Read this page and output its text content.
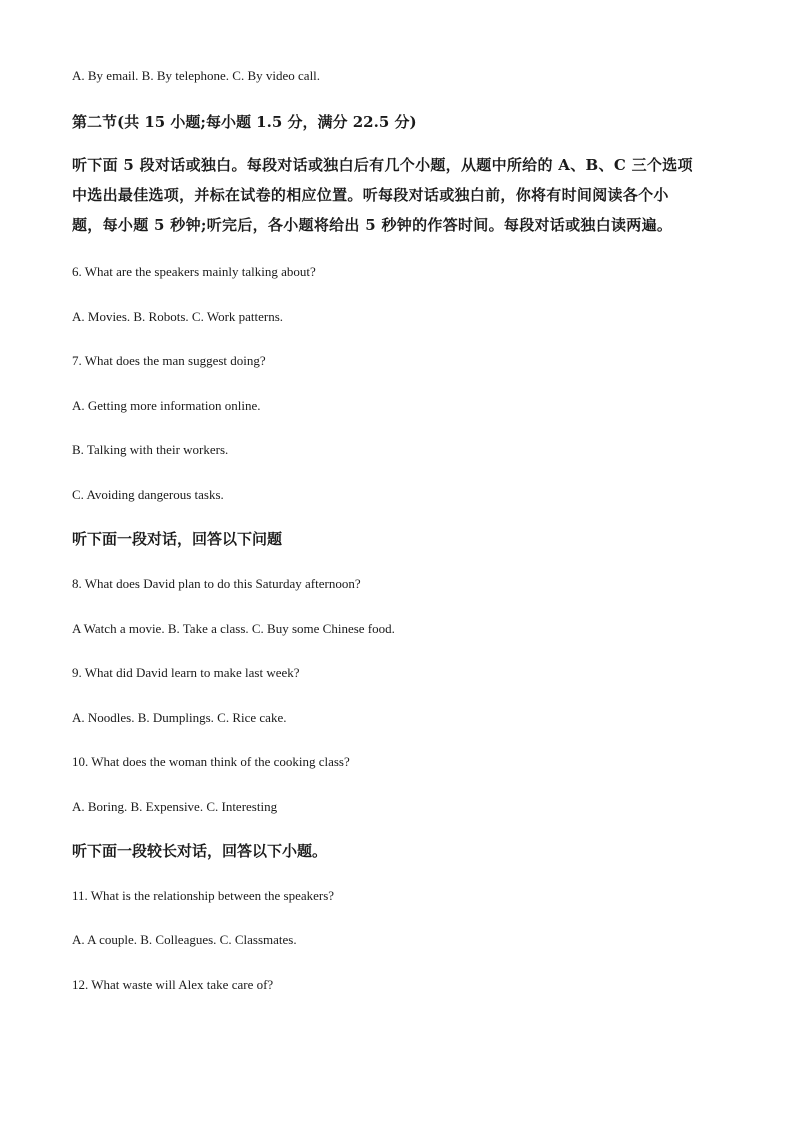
A. By email. B. By telephone. C. By video call.
第二节(共 15 小题;每小题 1.5 分，满分 22.5 分)
听下面 5 段对话或独白。每段对话或独白后有几个小题，从题中所给的 A、B、C 三个选项
中选出最佳选项，并标在试卷的相应位置。听每段对话或独白前，你将有时间阅读各个小
题，每小题 5 秒钟;听完后，各小题将给出 5 秒钟的作答时间。每段对话或独白读两遍。
6. What are the speakers mainly talking about?
A. Movies. B. Robots. C. Work patterns.
7. What does the man suggest doing?
A. Getting more information online.
B. Talking with their workers.
C. Avoiding dangerous tasks.
听下面一段对话，回答以下问题
8. What does David plan to do this Saturday afternoon?
A Watch a movie. B. Take a class. C. Buy some Chinese food.
9. What did David learn to make last week?
A. Noodles. B. Dumplings. C. Rice cake.
10. What does the woman think of the cooking class?
A. Boring. B. Expensive. C. Interesting
听下面一段较长对话，回答以下小题。
11. What is the relationship between the speakers?
A. A couple. B. Colleagues. C. Classmates.
12. What waste will Alex take care of?
